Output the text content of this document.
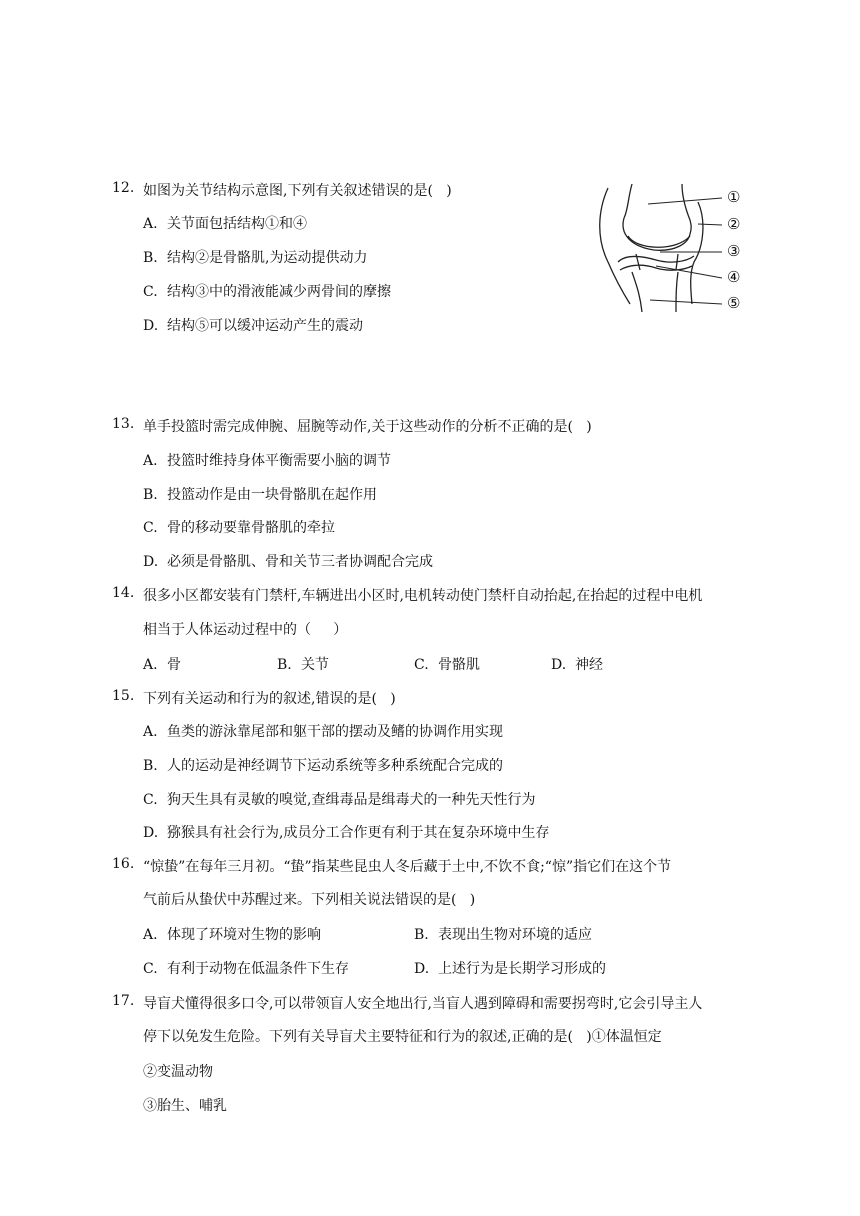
12. 如图为关节结构示意图,下列有关叙述错误的是(   )
A. 关节面包括结构①和④
B. 结构②是骨骼肌,为运动提供动力
C. 结构③中的滑液能减少两骨间的摩擦
D. 结构⑤可以缓冲运动产生的震动
①
②
③
④
⑤
13. 单手投篮时需完成伸腕、屈腕等动作,关于这些动作的分析不正确的是(   )
A. 投篮时维持身体平衡需要小脑的调节
B. 投篮动作是由一块骨骼肌在起作用
C. 骨的移动要靠骨骼肌的牵拉
D. 必须是骨骼肌、骨和关节三者协调配合完成
14. 很多小区都安装有门禁杆,车辆进出小区时,电机转动使门禁杆自动抬起,在抬起的过程中电机
相当于人体运动过程中的（     ）
A. 骨	B. 关节	C. 骨骼肌	D. 神经
15. 下列有关运动和行为的叙述,错误的是(   )
A. 鱼类的游泳靠尾部和躯干部的摆动及鳍的协调作用实现
B. 人的运动是神经调节下运动系统等多种系统配合完成的
C. 狗天生具有灵敏的嗅觉,查缉毒品是缉毒犬的一种先天性行为
D. 猕猴具有社会行为,成员分工合作更有利于其在复杂环境中生存
16. “惊蛰”在每年三月初。“蛰”指某些昆虫人冬后藏于土中,不饮不食;“惊”指它们在这个节
气前后从蛰伏中苏醒过来。下列相关说法错误的是(   )
A. 体现了环境对生物的影响	B. 表现出生物对环境的适应
C. 有利于动物在低温条件下生存	D. 上述行为是长期学习形成的
17. 导盲犬懂得很多口令,可以带领盲人安全地出行,当盲人遇到障碍和需要拐弯时,它会引导主人
停下以免发生危险。下列有关导盲犬主要特征和行为的叙述,正确的是(   )①体温恒定
②变温动物
③胎生、哺乳
